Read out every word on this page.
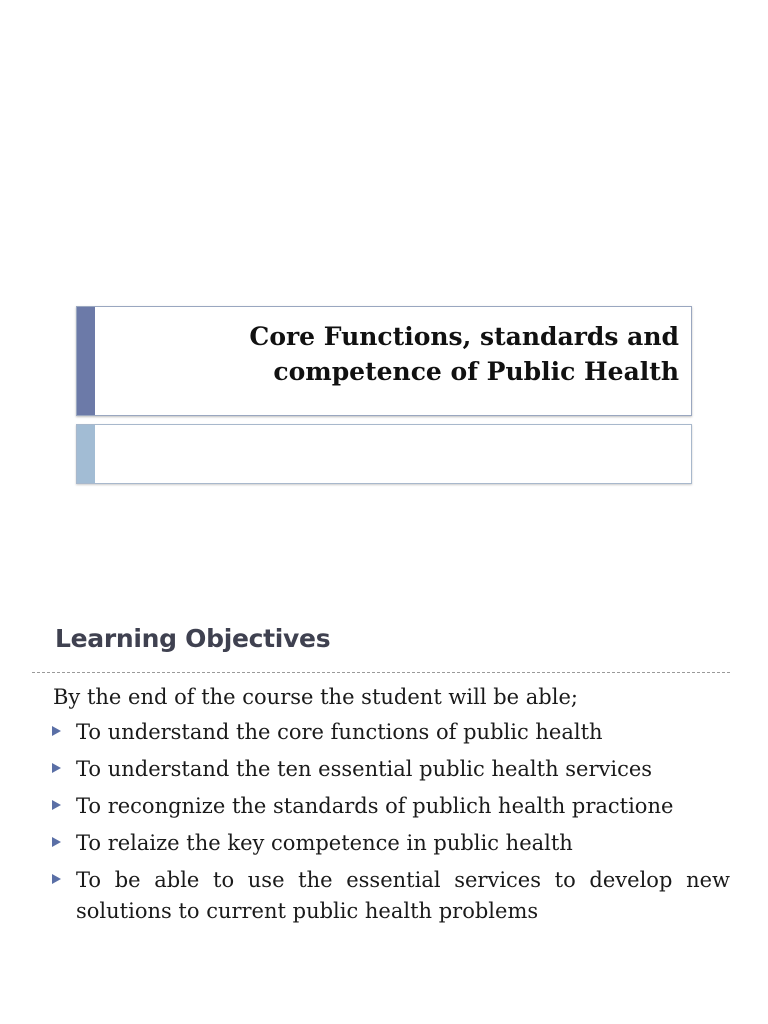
Core Functions, standards and
competence of Public Health
Learning Objectives

By the end of the course the student will be able;

To understand the core functions of public health
To understand the ten essential public health services
To recongnize the standards of publich health practione
To relaize the key competence in public health
To be able to use the essential services to develop new solutions to current public health problems
